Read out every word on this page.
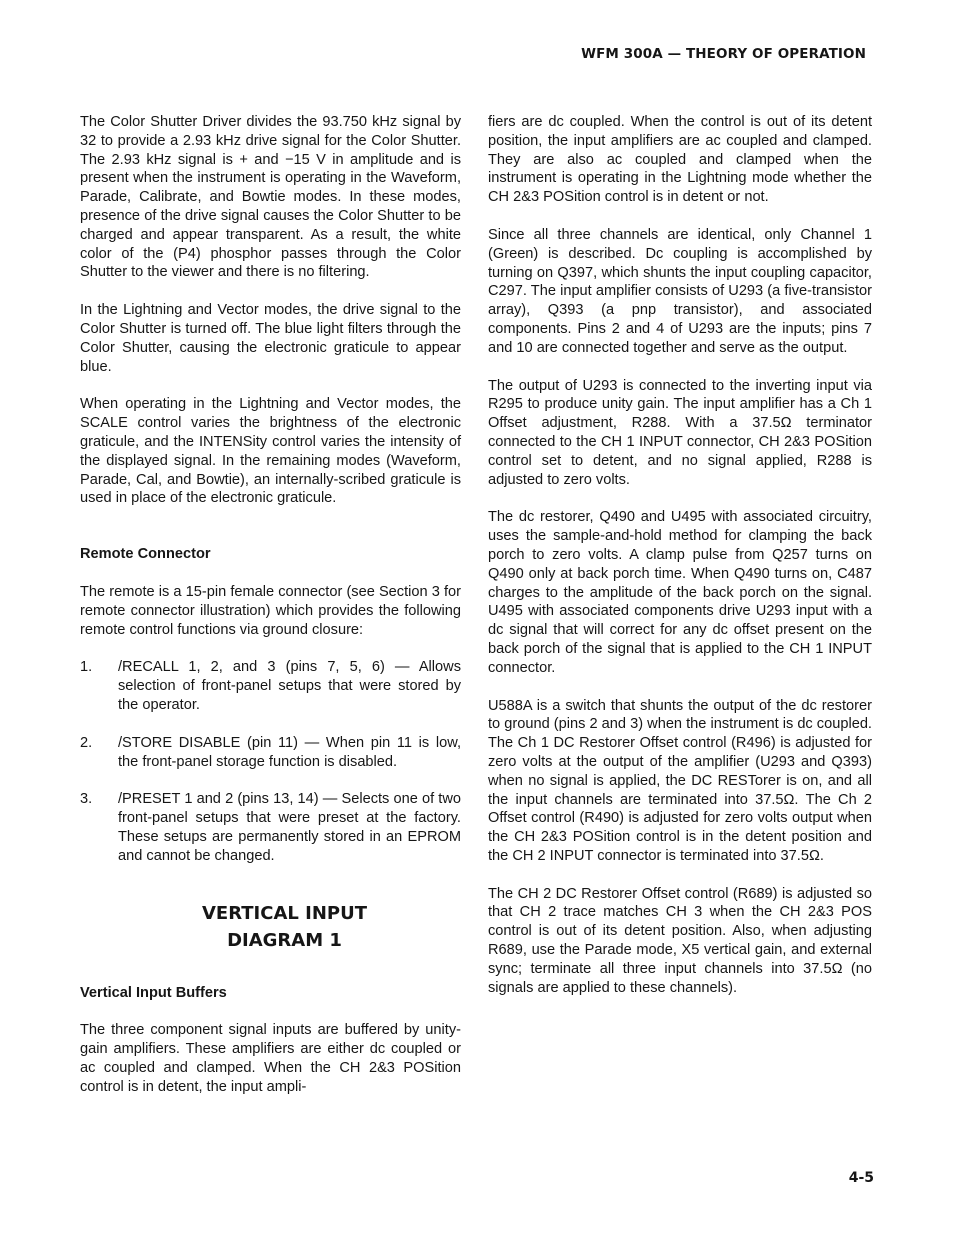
WFM 300A — THEORY OF OPERATION

The Color Shutter Driver divides the 93.750 kHz signal by 32 to provide a 2.93 kHz drive signal for the Color Shutter. The 2.93 kHz signal is + and −15 V in amplitude and is present when the instrument is operating in the Waveform, Parade, Calibrate, and Bowtie modes. In these modes, presence of the drive signal causes the Color Shutter to be charged and appear transparent. As a result, the white color of the (P4) phosphor passes through the Color Shutter to the viewer and there is no filtering.

In the Lightning and Vector modes, the drive signal to the Color Shutter is turned off. The blue light filters through the Color Shutter, causing the electronic graticule to appear blue.

When operating in the Lightning and Vector modes, the SCALE control varies the brightness of the electronic graticule, and the INTENSity control varies the intensity of the displayed signal. In the remaining modes (Waveform, Parade, Cal, and Bowtie), an internally-scribed graticule is used in place of the electronic graticule.

Remote Connector

The remote is a 15-pin female connector (see Section 3 for remote connector illustration) which provides the following remote control functions via ground closure:

1.	/RECALL 1, 2, and 3 (pins 7, 5, 6) — Allows selection of front-panel setups that were stored by the operator.
2.	/STORE DISABLE (pin 11) — When pin 11 is low, the front-panel storage function is disabled.
3.	/PRESET 1 and 2 (pins 13, 14) — Selects one of two front-panel setups that were preset at the factory. These setups are permanently stored in an EPROM and cannot be changed.

VERTICAL INPUT

DIAGRAM 1

Vertical Input Buffers

The three component signal inputs are buffered by unity-gain amplifiers. These amplifiers are either dc coupled or ac coupled and clamped. When the CH 2&3 POSition control is in detent, the input ampli-

fiers are dc coupled. When the control is out of its detent position, the input amplifiers are ac coupled and clamped. They are also ac coupled and clamped when the instrument is operating in the Lightning mode whether the CH 2&3 POSition control is in detent or not.

Since all three channels are identical, only Channel 1 (Green) is described. Dc coupling is accomplished by turning on Q397, which shunts the input coupling capacitor, C297. The input amplifier consists of U293 (a five-transistor array), Q393 (a pnp transistor), and associated components. Pins 2 and 4 of U293 are the inputs; pins 7 and 10 are connected together and serve as the output.

The output of U293 is connected to the inverting input via R295 to produce unity gain. The input amplifier has a Ch 1 Offset adjustment, R288. With a 37.5Ω terminator connected to the CH 1 INPUT connector, CH 2&3 POSition control set to detent, and no signal applied, R288 is adjusted to zero volts.

The dc restorer, Q490 and U495 with associated circuitry, uses the sample-and-hold method for clamping the back porch to zero volts. A clamp pulse from Q257 turns on Q490 only at back porch time. When Q490 turns on, C487 charges to the amplitude of the back porch on the signal. U495 with associated components drive U293 input with a dc signal that will correct for any dc offset present on the back porch of the signal that is applied to the CH 1 INPUT connector.

U588A is a switch that shunts the output of the dc restorer to ground (pins 2 and 3) when the instrument is dc coupled. The Ch 1 DC Restorer Offset control (R496) is adjusted for zero volts at the output of the amplifier (U293 and Q393) when no signal is applied, the DC RESTorer is on, and all the input channels are terminated into 37.5Ω. The Ch 2 Offset control (R490) is adjusted for zero volts output when the CH 2&3 POSition control is in the detent position and the CH 2 INPUT connector is terminated into 37.5Ω.

The CH 2 DC Restorer Offset control (R689) is adjusted so that CH 2 trace matches CH 3 when the CH 2&3 POS control is out of its detent position. Also, when adjusting R689, use the Parade mode, X5 vertical gain, and external sync; terminate all three input channels into 37.5Ω (no signals are applied to these channels).

4-5
